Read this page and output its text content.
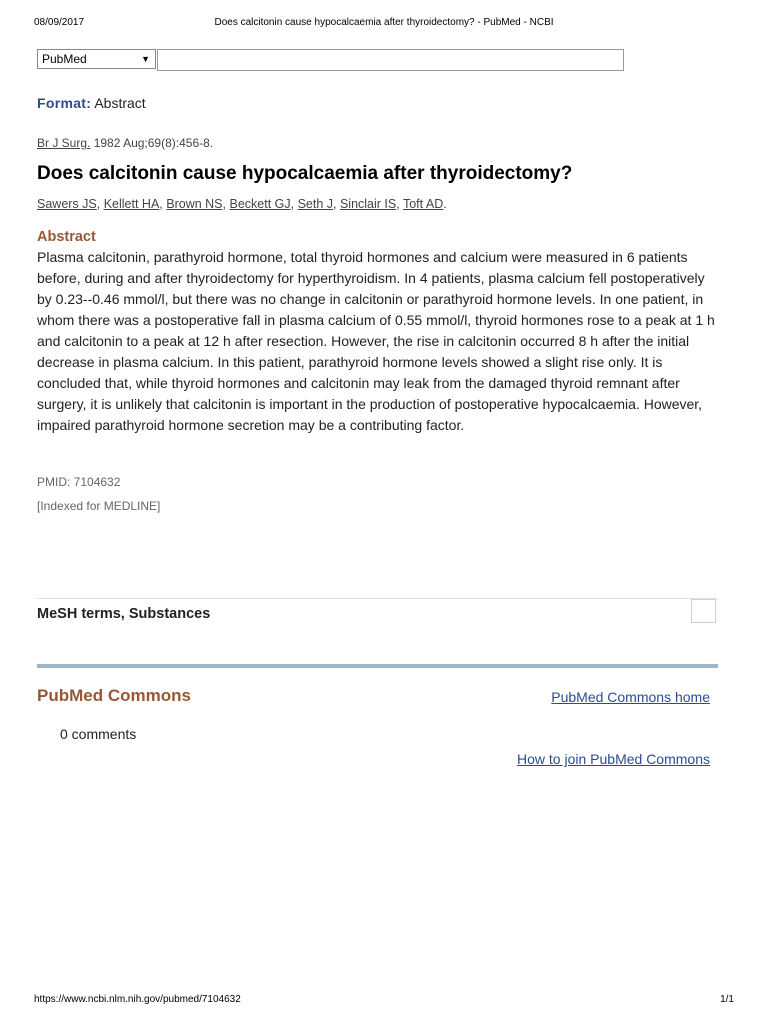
08/09/2017	Does calcitonin cause hypocalcaemia after thyroidectomy? - PubMed - NCBI
PubMed	▼
Format: Abstract
Br J Surg. 1982 Aug;69(8):456-8.
Does calcitonin cause hypocalcaemia after thyroidectomy?
Sawers JS, Kellett HA, Brown NS, Beckett GJ, Seth J, Sinclair IS, Toft AD.
Abstract

Plasma calcitonin, parathyroid hormone, total thyroid hormones and calcium were measured in 6 patients before, during and after thyroidectomy for hyperthyroidism. In 4 patients, plasma calcium fell postoperatively by 0.23--0.46 mmol/l, but there was no change in calcitonin or parathyroid hormone levels. In one patient, in whom there was a postoperative fall in plasma calcium of 0.55 mmol/l, thyroid hormones rose to a peak at 1 h and calcitonin to a peak at 12 h after resection. However, the rise in calcitonin occurred 8 h after the initial decrease in plasma calcium. In this patient, parathyroid hormone levels showed a slight rise only. It is concluded that, while thyroid hormones and calcitonin may leak from the damaged thyroid remnant after surgery, it is unlikely that calcitonin is important in the production of postoperative hypocalcaemia. However, impaired parathyroid hormone secretion may be a contributing factor.

PMID: 7104632
[Indexed for MEDLINE]
MeSH terms, Substances
PubMed Commons	PubMed Commons home
0 comments
How to join PubMed Commons
https://www.ncbi.nlm.nih.gov/pubmed/7104632	1/1
